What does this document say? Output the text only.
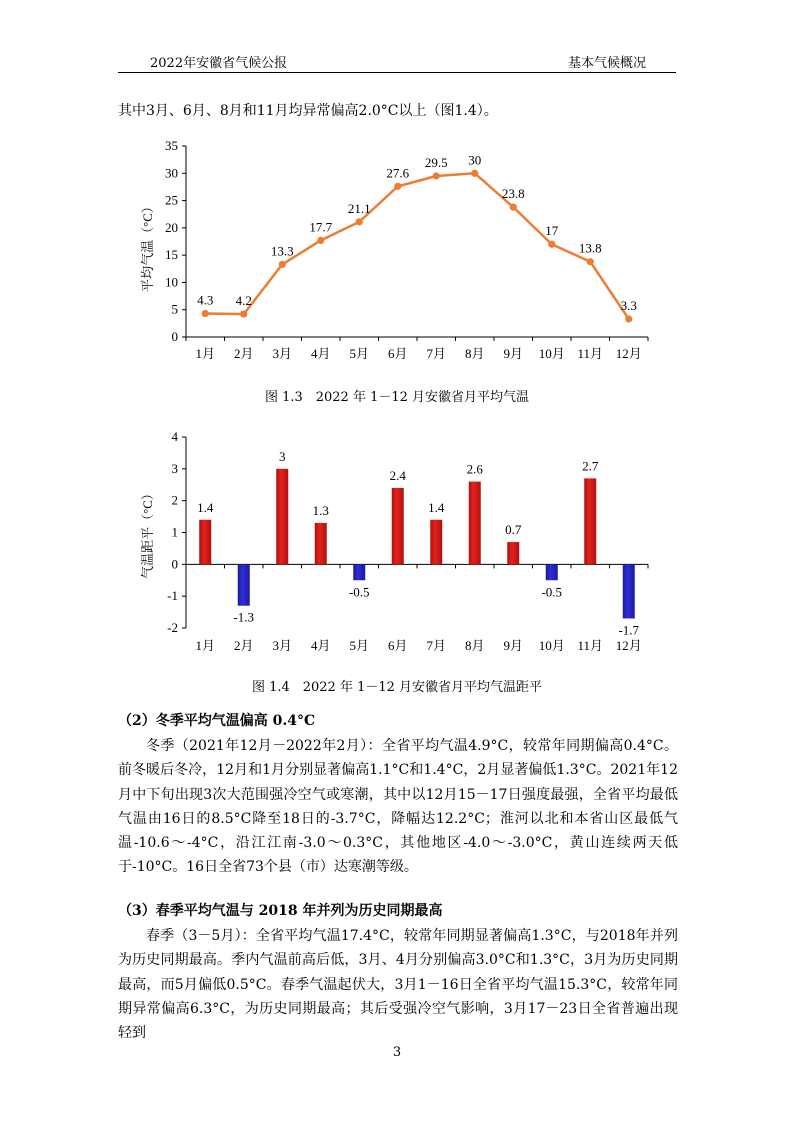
2022年安徽省气候公报	基本气候概况
其中3月、6月、8月和11月均异常偏高2.0°C以上（图1.4）。
平均气温（°C）
0
5
10
15
20
25
30
35
1月 2月 3月 4月 5月 6月 7月 8月 9月 10月 11月 12月
4.3 4.2
13.3
17.7
21.1
27.6
29.5 30
23.8
17
13.8
3.3
图 1.3　2022 年 1－12 月安徽省月平均气温
气温距平（°C）
-2
-1
0
1
2
3
4
1月 2月 3月 4月 5月 6月 7月 8月 9月 10月 11月 12月
1.4
-1.3
3
1.3
-0.5
2.4
1.4
2.6
0.7
-0.5
2.7
-1.7
图 1.4　2022 年 1－12 月安徽省月平均气温距平
（2）冬季平均气温偏高 0.4°C
冬季（2021年12月－2022年2月）：全省平均气温4.9°C，较常年同期偏高0.4°C。前冬暖后冬冷，12月和1月分别显著偏高1.1°C和1.4°C，2月显著偏低1.3°C。2021年12月中下旬出现3次大范围强冷空气或寒潮，其中以12月15－17日强度最强，全省平均最低气温由16日的8.5°C降至18日的-3.7°C，降幅达12.2°C；淮河以北和本省山区最低气温-10.6～-4°C，沿江江南-3.0～0.3°C，其他地区-4.0～-3.0°C，黄山连续两天低于-10°C。16日全省73个县（市）达寒潮等级。
（3）春季平均气温与 2018 年并列为历史同期最高
春季（3－5月）：全省平均气温17.4°C，较常年同期显著偏高1.3°C，与2018年并列为历史同期最高。季内气温前高后低，3月、4月分别偏高3.0°C和1.3°C，3月为历史同期最高，而5月偏低0.5°C。春季气温起伏大，3月1－16日全省平均气温15.3°C，较常年同期异常偏高6.3°C，为历史同期最高；其后受强冷空气影响，3月17－23日全省普遍出现轻到
3
